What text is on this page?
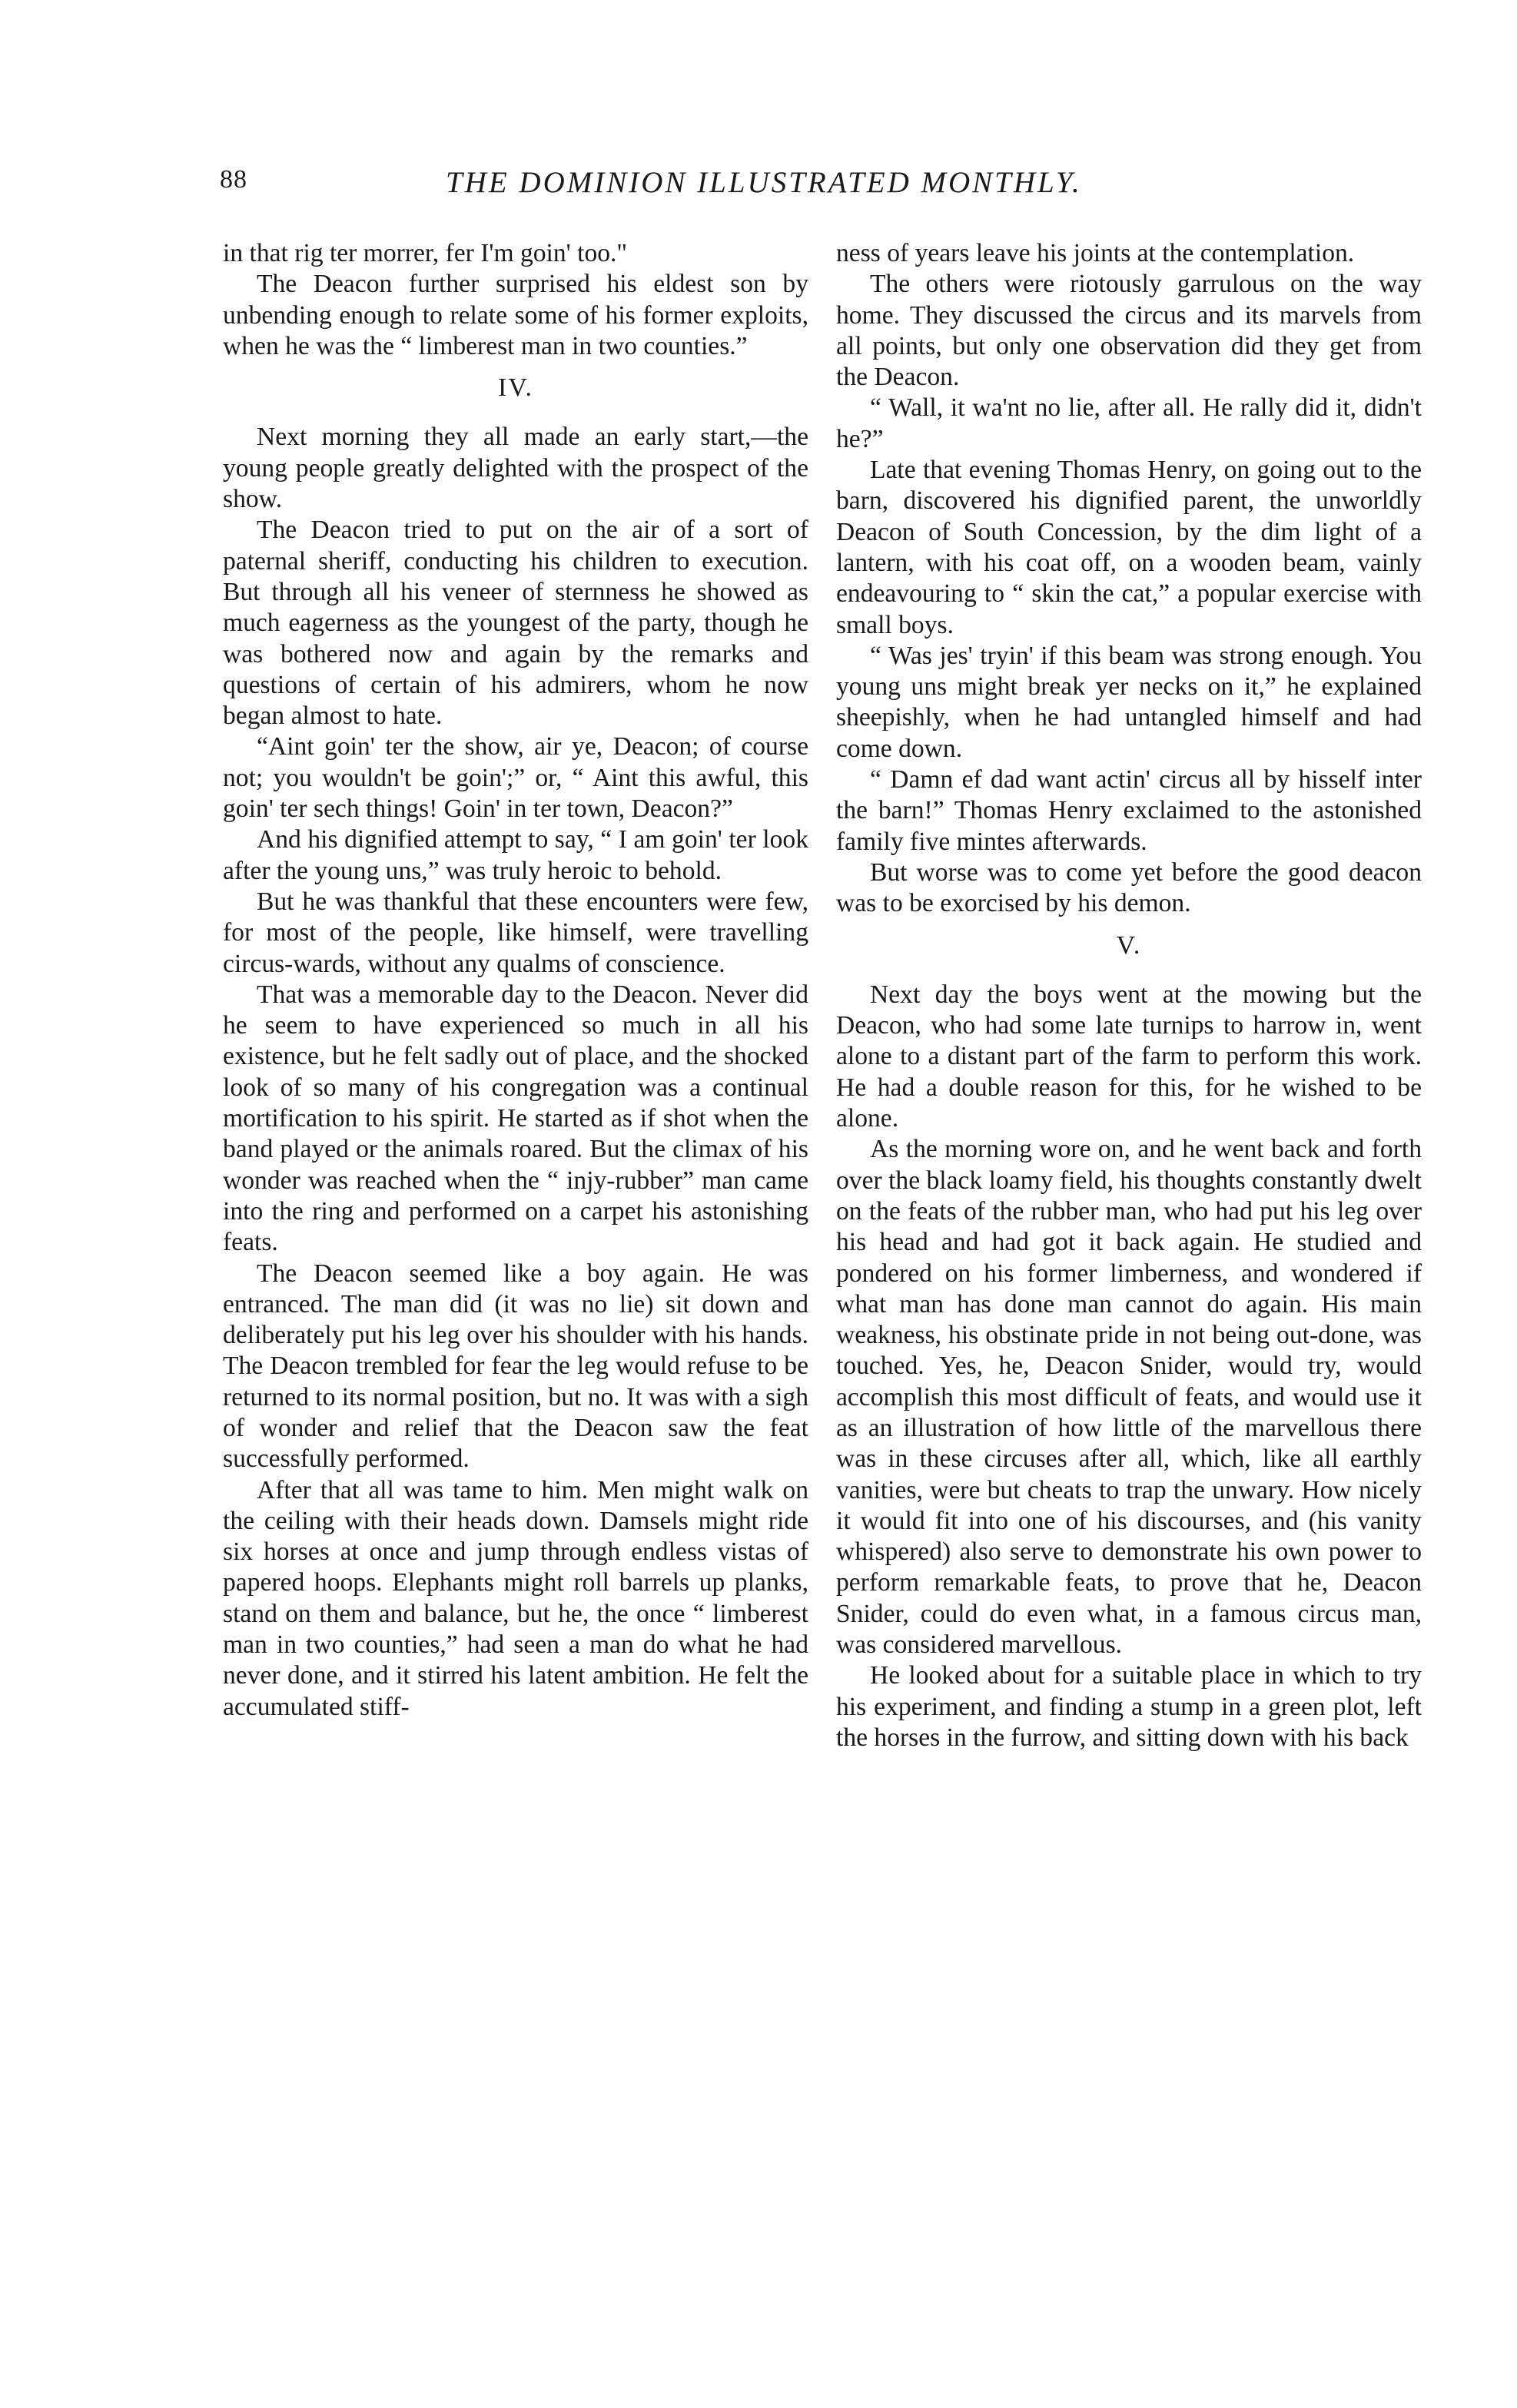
88	THE DOMINION ILLUSTRATED MONTHLY.

in that rig ter morrer, fer I'm goin' too."

The Deacon further surprised his eldest son by unbending enough to relate some of his former exploits, when he was the “ limberest man in two counties.”

IV.

Next morning they all made an early start,—the young people greatly delighted with the prospect of the show.

The Deacon tried to put on the air of a sort of paternal sheriff, conducting his children to execution. But through all his veneer of sternness he showed as much eagerness as the youngest of the party, though he was bothered now and again by the remarks and questions of certain of his admirers, whom he now began almost to hate.

“Aint goin' ter the show, air ye, Deacon; of course not; you wouldn't be goin';” or, “ Aint this awful, this goin' ter sech things! Goin' in ter town, Deacon?”

And his dignified attempt to say, “ I am goin' ter look after the young uns,” was truly heroic to behold.

But he was thankful that these encounters were few, for most of the people, like himself, were travelling circus-wards, without any qualms of conscience.

That was a memorable day to the Deacon. Never did he seem to have experienced so much in all his existence, but he felt sadly out of place, and the shocked look of so many of his congregation was a continual mortification to his spirit. He started as if shot when the band played or the animals roared. But the climax of his wonder was reached when the “ injy-rubber” man came into the ring and performed on a carpet his astonishing feats.

The Deacon seemed like a boy again. He was entranced. The man did (it was no lie) sit down and deliberately put his leg over his shoulder with his hands. The Deacon trembled for fear the leg would refuse to be returned to its normal position, but no. It was with a sigh of wonder and relief that the Deacon saw the feat successfully performed.

After that all was tame to him. Men might walk on the ceiling with their heads down. Damsels might ride six horses at once and jump through endless vistas of papered hoops. Elephants might roll barrels up planks, stand on them and balance, but he, the once “ limberest man in two counties,” had seen a man do what he had never done, and it stirred his latent ambition. He felt the accumulated stiff-

ness of years leave his joints at the contemplation.

The others were riotously garrulous on the way home. They discussed the circus and its marvels from all points, but only one observation did they get from the Deacon.

“ Wall, it wa'nt no lie, after all. He rally did it, didn't he?”

Late that evening Thomas Henry, on going out to the barn, discovered his dignified parent, the unworldly Deacon of South Concession, by the dim light of a lantern, with his coat off, on a wooden beam, vainly endeavouring to “ skin the cat,” a popular exercise with small boys.

“ Was jes' tryin' if this beam was strong enough. You young uns might break yer necks on it,” he explained sheepishly, when he had untangled himself and had come down.

“ Damn ef dad want actin' circus all by hisself inter the barn!” Thomas Henry exclaimed to the astonished family five mintes afterwards.

But worse was to come yet before the good deacon was to be exorcised by his demon.

V.

Next day the boys went at the mowing but the Deacon, who had some late turnips to harrow in, went alone to a distant part of the farm to perform this work. He had a double reason for this, for he wished to be alone.

As the morning wore on, and he went back and forth over the black loamy field, his thoughts constantly dwelt on the feats of the rubber man, who had put his leg over his head and had got it back again. He studied and pondered on his former limberness, and wondered if what man has done man cannot do again. His main weakness, his obstinate pride in not being out-done, was touched. Yes, he, Deacon Snider, would try, would accomplish this most difficult of feats, and would use it as an illustration of how little of the marvellous there was in these circuses after all, which, like all earthly vanities, were but cheats to trap the unwary. How nicely it would fit into one of his discourses, and (his vanity whispered) also serve to demonstrate his own power to perform remarkable feats, to prove that he, Deacon Snider, could do even what, in a famous circus man, was considered marvellous.

He looked about for a suitable place in which to try his experiment, and finding a stump in a green plot, left the horses in the furrow, and sitting down with his back
